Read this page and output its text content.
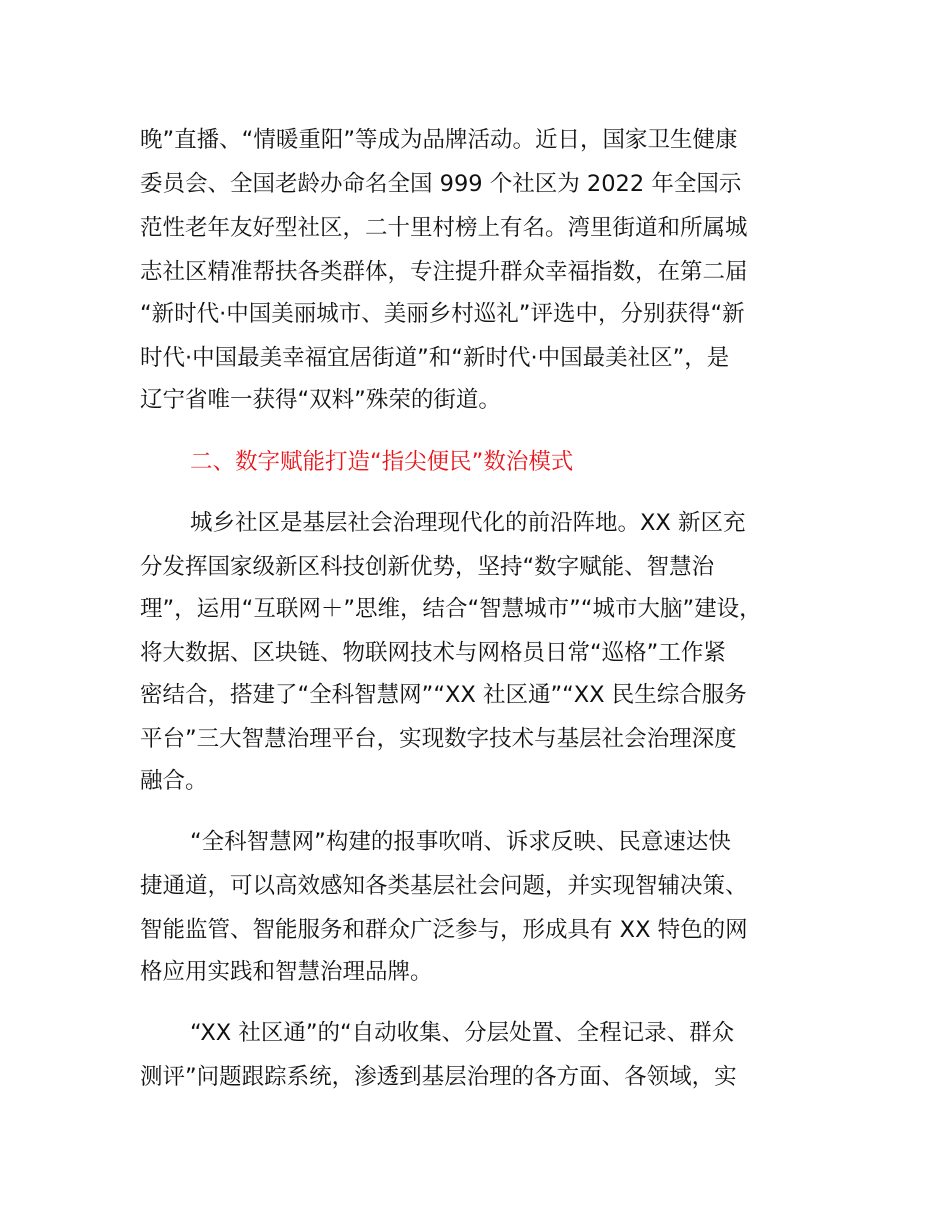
晚”直播、“情暖重阳”等成为品牌活动。近日，国家卫生健康
委员会、全国老龄办命名全国 999 个社区为 2022 年全国示
范性老年友好型社区，二十里村榜上有名。湾里街道和所属城
志社区精准帮扶各类群体，专注提升群众幸福指数，在第二届
“新时代·中国美丽城市、美丽乡村巡礼”评选中，分别获得“新
时代·中国最美幸福宜居街道”和“新时代·中国最美社区”，是
辽宁省唯一获得“双料”殊荣的街道。
二、数字赋能打造“指尖便民”数治模式
城乡社区是基层社会治理现代化的前沿阵地。XX 新区充
分发挥国家级新区科技创新优势，坚持“数字赋能、智慧治
理”，运用“互联网＋”思维，结合“智慧城市”“城市大脑”建设，
将大数据、区块链、物联网技术与网格员日常“巡格”工作紧
密结合，搭建了“全科智慧网”“XX 社区通”“XX 民生综合服务
平台”三大智慧治理平台，实现数字技术与基层社会治理深度
融合。
“全科智慧网”构建的报事吹哨、诉求反映、民意速达快
捷通道，可以高效感知各类基层社会问题，并实现智辅决策、
智能监管、智能服务和群众广泛参与，形成具有 XX 特色的网
格应用实践和智慧治理品牌。
“XX 社区通”的“自动收集、分层处置、全程记录、群众
测评”问题跟踪系统，渗透到基层治理的各方面、各领域，实
